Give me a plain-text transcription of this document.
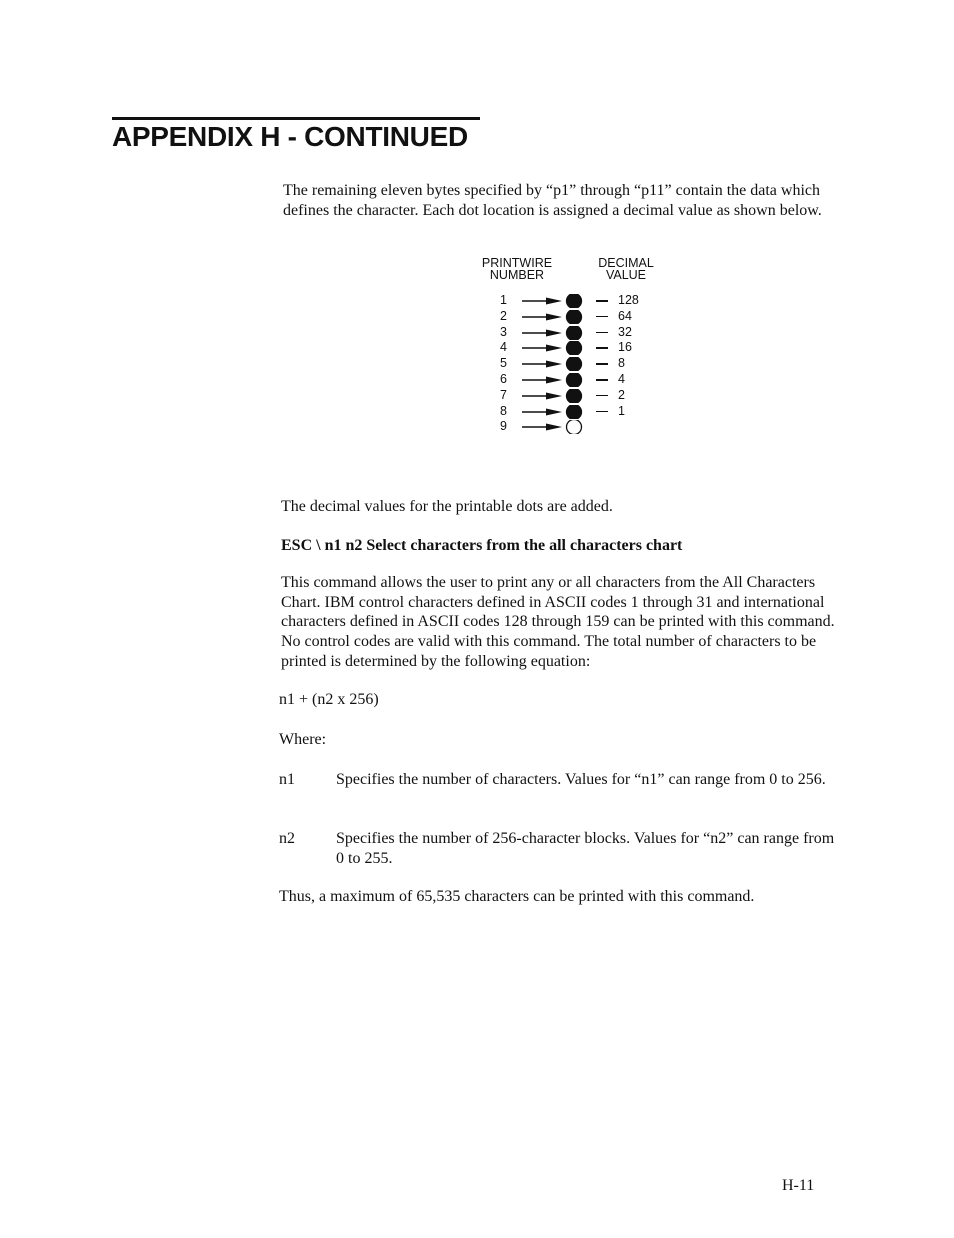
APPENDIX H - CONTINUED

The remaining eleven bytes specified by “p1” through “p11” contain the data which defines the character. Each dot location is assigned a decimal value as shown below.

PRINTWIRE
NUMBER
DECIMAL
VALUE
1	128
2	64
3	32
4	16
5	8
6	4
7	2
8	1
9

The decimal values for the printable dots are added.

ESC \ n1 n2 Select characters from the all characters chart

This command allows the user to print any or all characters from the All Characters Chart. IBM control characters defined in ASCII codes 1 through 31 and international characters defined in ASCII codes 128 through 159 can be printed with this command. No control codes are valid with this command. The total number of characters to be printed is determined by the following equation:

n1 + (n2 x 256)

Where:

n1	Specifies the number of characters. Values for “n1” can range from 0 to 256.

n2	Specifies the number of 256-character blocks. Values for “n2” can range from 0 to 255.

Thus, a maximum of 65,535 characters can be printed with this command.

H-11
